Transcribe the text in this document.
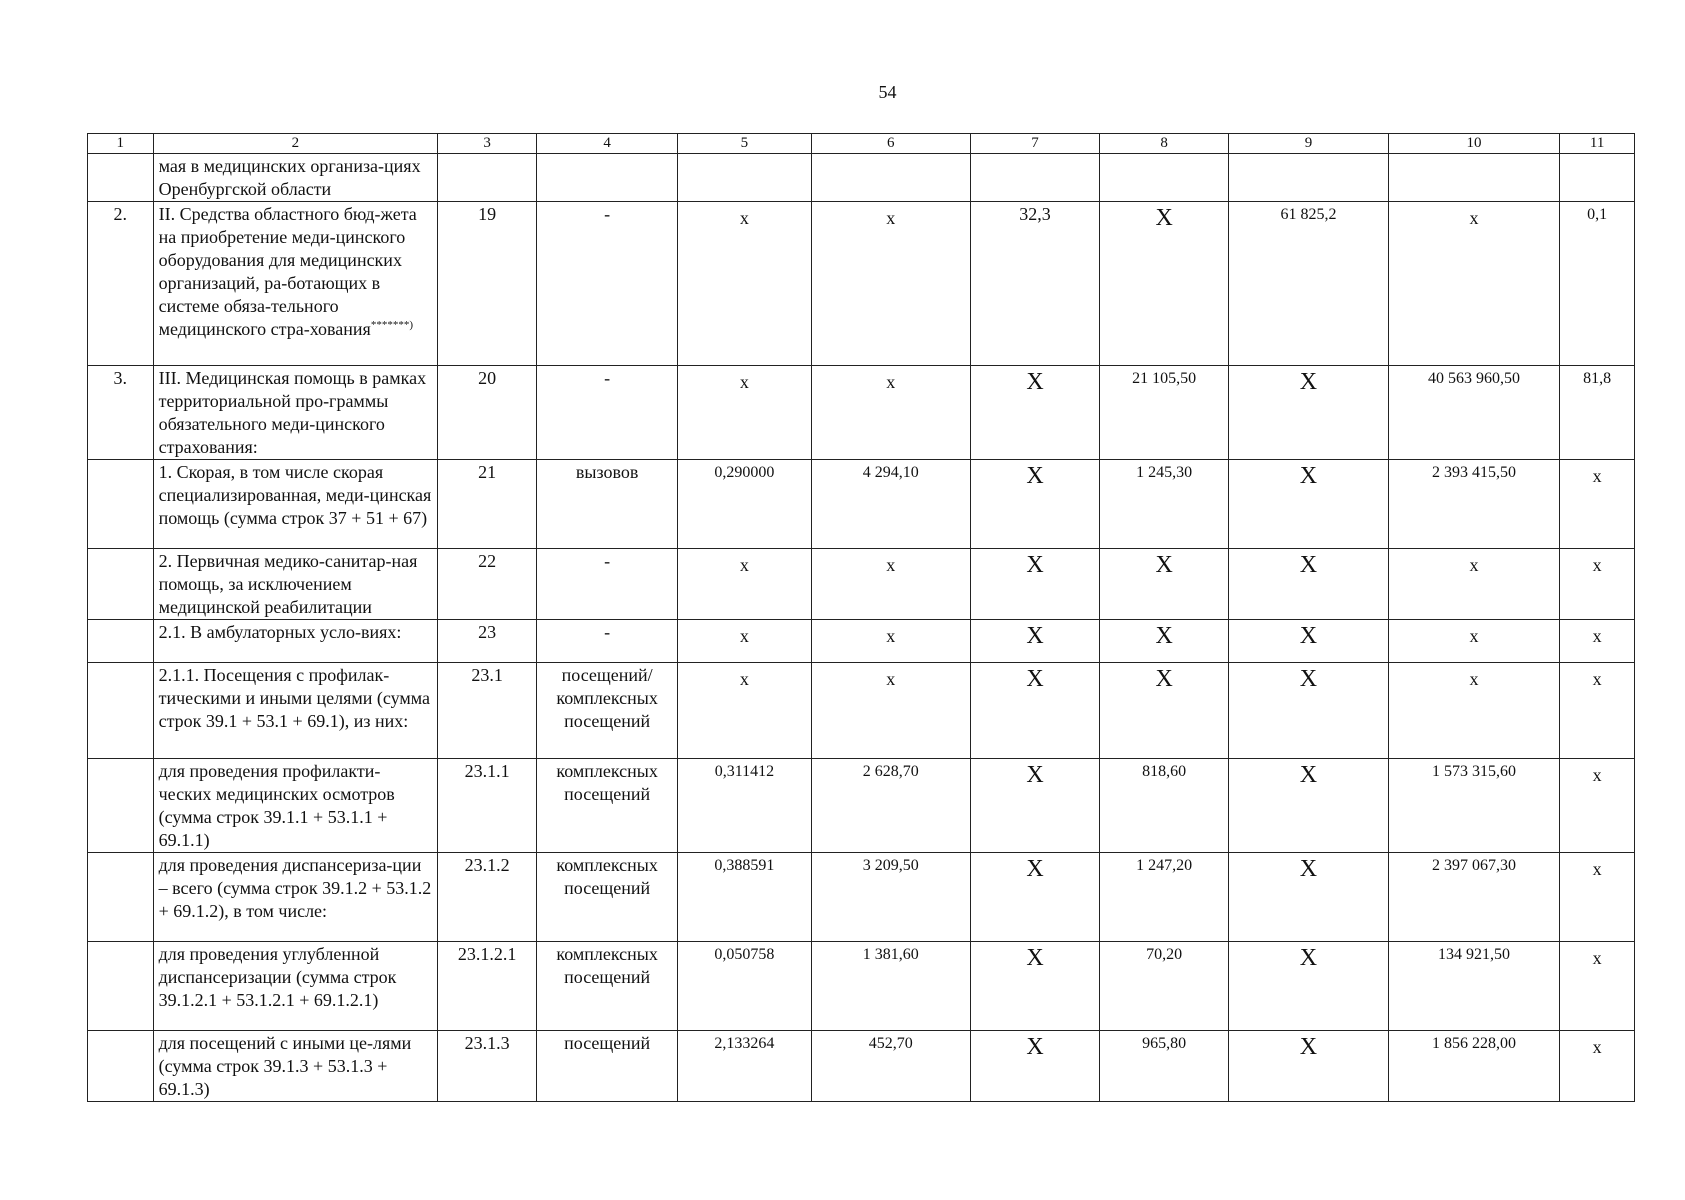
54
1	2	3	4	5	6	7	8	9	10	11
	мая в медицинских организа-циях Оренбургской области									
2.	II. Средства областного бюд-жета на приобретение меди-цинского оборудования для медицинских организаций, ра-ботающих в системе обяза-тельного медицинского стра-хования*******)	19	-	x	x	32,3	X	61 825,2	x	0,1
3.	III. Медицинская помощь в рамках территориальной про-граммы обязательного меди-цинского страхования:	20	-	x	x	X	21 105,50	X	40 563 960,50	81,8
	1. Скорая, в том числе скорая специализированная, меди-цинская помощь (сумма строк 37 + 51 + 67)	21	вызовов	0,290000	4 294,10	X	1 245,30	X	2 393 415,50	x
	2. Первичная медико-санитар-ная помощь, за исключением медицинской реабилитации	22	-	x	x	X	X	X	x	x
	2.1. В амбулаторных усло-виях:	23	-	x	x	X	X	X	x	x
	2.1.1. Посещения с профилак-тическими и иными целями (сумма строк 39.1 + 53.1 + 69.1), из них:	23.1	посещений/ комплексных посещений	x	x	X	X	X	x	x
	для проведения профилакти-ческих медицинских осмотров (сумма строк 39.1.1 + 53.1.1 + 69.1.1)	23.1.1	комплексных посещений	0,311412	2 628,70	X	818,60	X	1 573 315,60	x
	для проведения диспансериза-ции – всего (сумма строк 39.1.2 + 53.1.2 + 69.1.2), в том числе:	23.1.2	комплексных посещений	0,388591	3 209,50	X	1 247,20	X	2 397 067,30	x
	для проведения углубленной диспансеризации (сумма строк 39.1.2.1 + 53.1.2.1 + 69.1.2.1)	23.1.2.1	комплексных посещений	0,050758	1 381,60	X	70,20	X	134 921,50	x
	для посещений с иными це-лями (сумма строк 39.1.3 + 53.1.3 + 69.1.3)	23.1.3	посещений	2,133264	452,70	X	965,80	X	1 856 228,00	x
